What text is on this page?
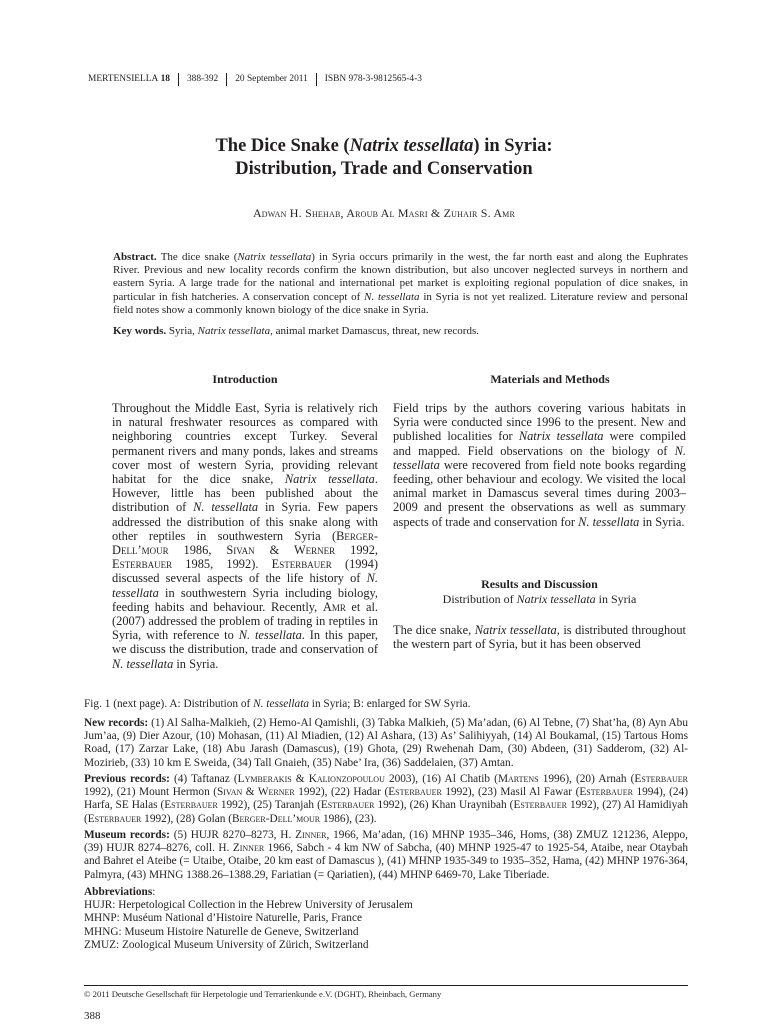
MERTENSIELLA
18 388-392 20 September 2011 ISBN 978-3-9812565-4-3
The Dice Snake (Natrix tessellata) in Syria:
Distribution, Trade and Conservation
Adwan H. Shehab, Aroub Al Masri & Zuhair S. Amr
Abstract. The dice snake (Natrix tessellata) in Syria occurs primarily in the west, the far north east and along the Euphrates River. Previous and new locality records confirm the known distribution, but also uncover neglected surveys in northern and eastern Syria. A large trade for the national and international pet market is exploiting regional population of dice snakes, in particular in fish hatcheries. A conservation concept of N. tessellata in Syria is not yet realized. Literature review and personal field notes show a commonly known biology of the dice snake in Syria.
Key words. Syria, Natrix tessellata, animal market Damascus, threat, new records.
Introduction	Materials and Methods
Throughout the Middle East, Syria is relatively rich in natural freshwater resources as compared with neighboring countries except Turkey. Several permanent rivers and many ponds, lakes and streams cover most of western Syria, providing relevant habitat for the dice snake, Natrix tessellata. However, little has been published about the distribution of N. tessellata in Syria. Few papers addressed the distribution of this snake along with other reptiles in southwestern Syria (Berger-Dell’mour 1986, Sivan & Werner 1992, Esterbauer 1985, 1992). Esterbauer (1994) discussed several aspects of the life history of N. tessellata in southwestern Syria including biology, feeding habits and behaviour. Recently, Amr et al. (2007) addressed the problem of trading in reptiles in Syria, with reference to N. tessellata. In this paper, we discuss the distribution, trade and conservation of N. tessellata in Syria.
Field trips by the authors covering various habitats in Syria were conducted since 1996 to the present. New and published localities for Natrix tessellata were compiled and mapped. Field observations on the biology of N. tessellata were recovered from field note books regarding feeding, other behaviour and ecology. We visited the local animal market in Damascus several times during 2003–2009 and present the observations as well as summary aspects of trade and conservation for N. tessellata in Syria.
Results and Discussion
Distribution of Natrix tessellata in Syria
The dice snake, Natrix tessellata, is distributed throughout the western part of Syria, but it has been observed
Fig. 1 (next page). A: Distribution of N. tessellata in Syria; B: enlarged for SW Syria.
New records: (1) Al Salha-Malkieh, (2) Hemo-Al Qamishli, (3) Tabka Malkieh, (5) Ma’adan, (6) Al Tebne, (7) Shat’ha, (8) Ayn Abu Jum’aa, (9) Dier Azour, (10) Mohasan, (11) Al Miadien, (12) Al Ashara, (13) As’ Salihiyyah, (14) Al Boukamal, (15) Tartous Homs Road, (17) Zarzar Lake, (18) Abu Jarash (Damascus), (19) Ghota, (29) Rwehenah Dam, (30) Abdeen, (31) Sadderom, (32) Al-Mozirieb, (33) 10 km E Sweida, (34) Tall Gnaieh, (35) Nabe’ Ira, (36) Saddelaien, (37) Amtan.
Previous records: (4) Taftanaz (Lymberakis & Kalionzopoulou 2003), (16) Al Chatib (Martens 1996), (20) Arnah (Esterbauer 1992), (21) Mount Hermon (Sivan & Werner 1992), (22) Hadar (Esterbauer 1992), (23) Masil Al Fawar (Esterbauer 1994), (24) Harfa, SE Halas (Esterbauer 1992), (25) Taranjah (Esterbauer 1992), (26) Khan Uraynibah (Esterbauer 1992), (27) Al Hamidiyah (Esterbauer 1992), (28) Golan (Berger-Dell’mour 1986), (23).
Museum records: (5) HUJR 8270–8273, H. Zinner, 1966, Ma’adan, (16) MHNP 1935–346, Homs, (38) ZMUZ 121236, Aleppo, (39) HUJR 8274–8276, coll. H. Zinner 1966, Sabch - 4 km NW of Sabcha, (40) MHNP 1925-47 to 1925-54, Ataibe, near Otaybah and Bahret el Ateibe (= Utaibe, Otaibe, 20 km east of Damascus ), (41) MHNP 1935-349 to 1935–352, Hama, (42) MHNP 1976-364, Palmyra, (43) MHNG 1388.26–1388.29, Fariatian (= Qariatien), (44) MHNP 6469-70, Lake Tiberiade.
Abbreviations:
HUJR: Herpetological Collection in the Hebrew University of Jerusalem
MHNP: Muséum National d’Histoire Naturelle, Paris, France
MHNG: Museum Histoire Naturelle de Geneve, Switzerland
ZMUZ: Zoological Museum University of Zürich, Switzerland
© 2011 Deutsche Gesellschaft für Herpetologie und Terrarienkunde e.V. (DGHT), Rheinbach, Germany
388
